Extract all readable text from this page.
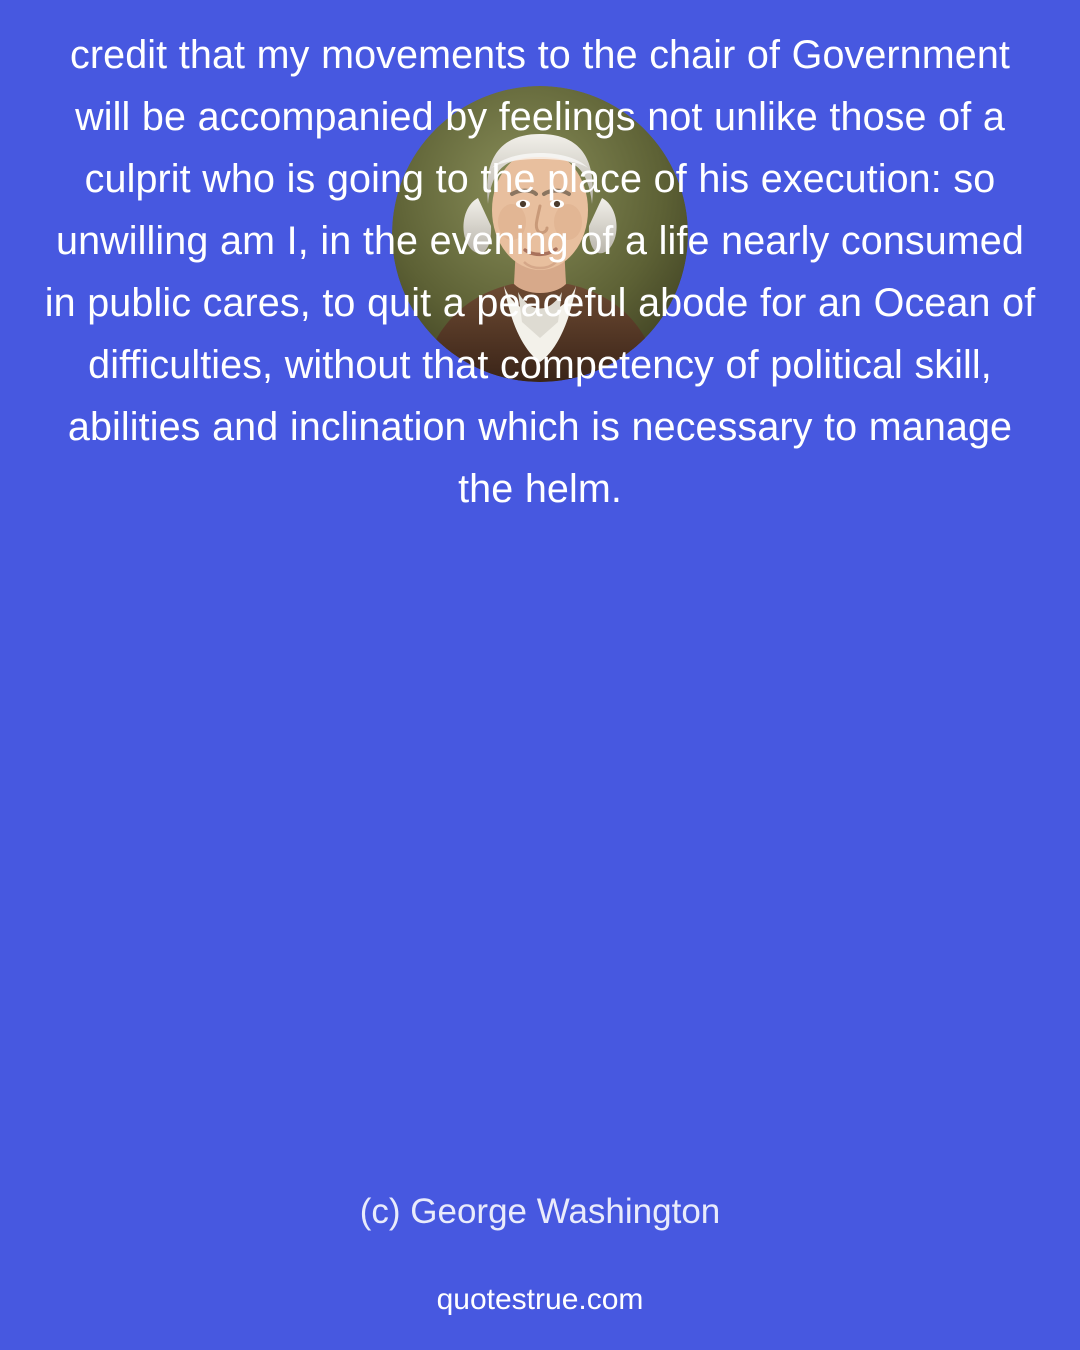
credit that my movements to the chair of Government will be accompanied by feelings not unlike those of a culprit who is going to the place of his execution: so unwilling am I, in the evening of a life nearly consumed in public cares, to quit a peaceful abode for an Ocean of difficulties, without that competency of political skill, abilities and inclination which is necessary to manage the helm.

(c) George Washington
quotestrue.com
